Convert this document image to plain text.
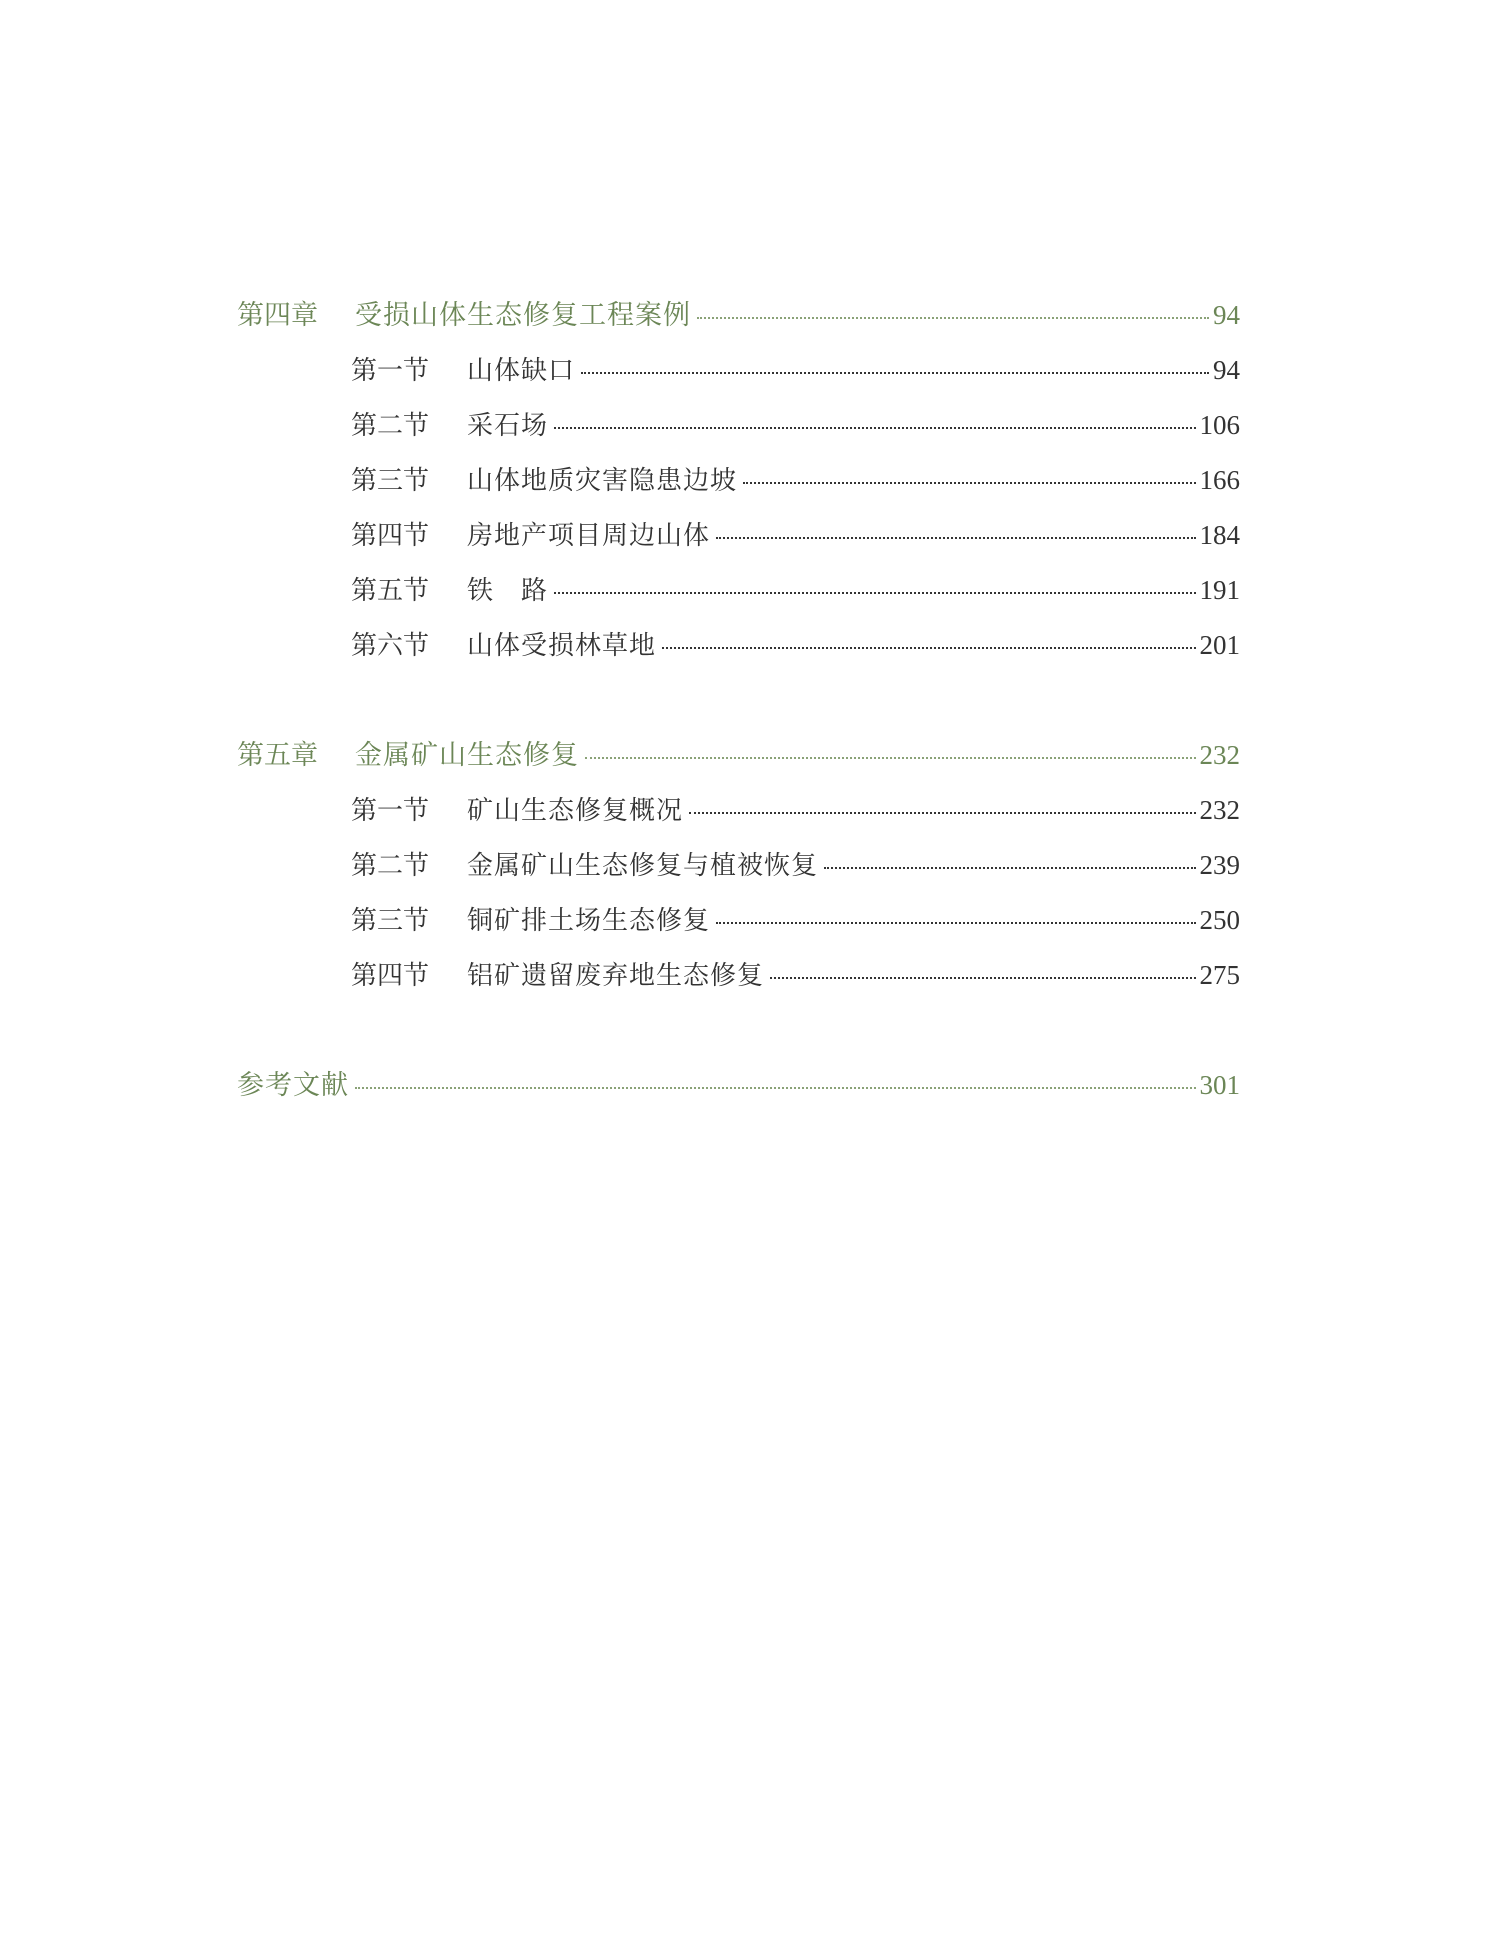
第四章	受损山体生态修复工程案例	94
第一节	山体缺口	94
第二节	采石场	106
第三节	山体地质灾害隐患边坡	166
第四节	房地产项目周边山体	184
第五节	铁　路	191
第六节	山体受损林草地	201
第五章	金属矿山生态修复	232
第一节	矿山生态修复概况	232
第二节	金属矿山生态修复与植被恢复	239
第三节	铜矿排土场生态修复	250
第四节	铝矿遗留废弃地生态修复	275
参考文献	301
